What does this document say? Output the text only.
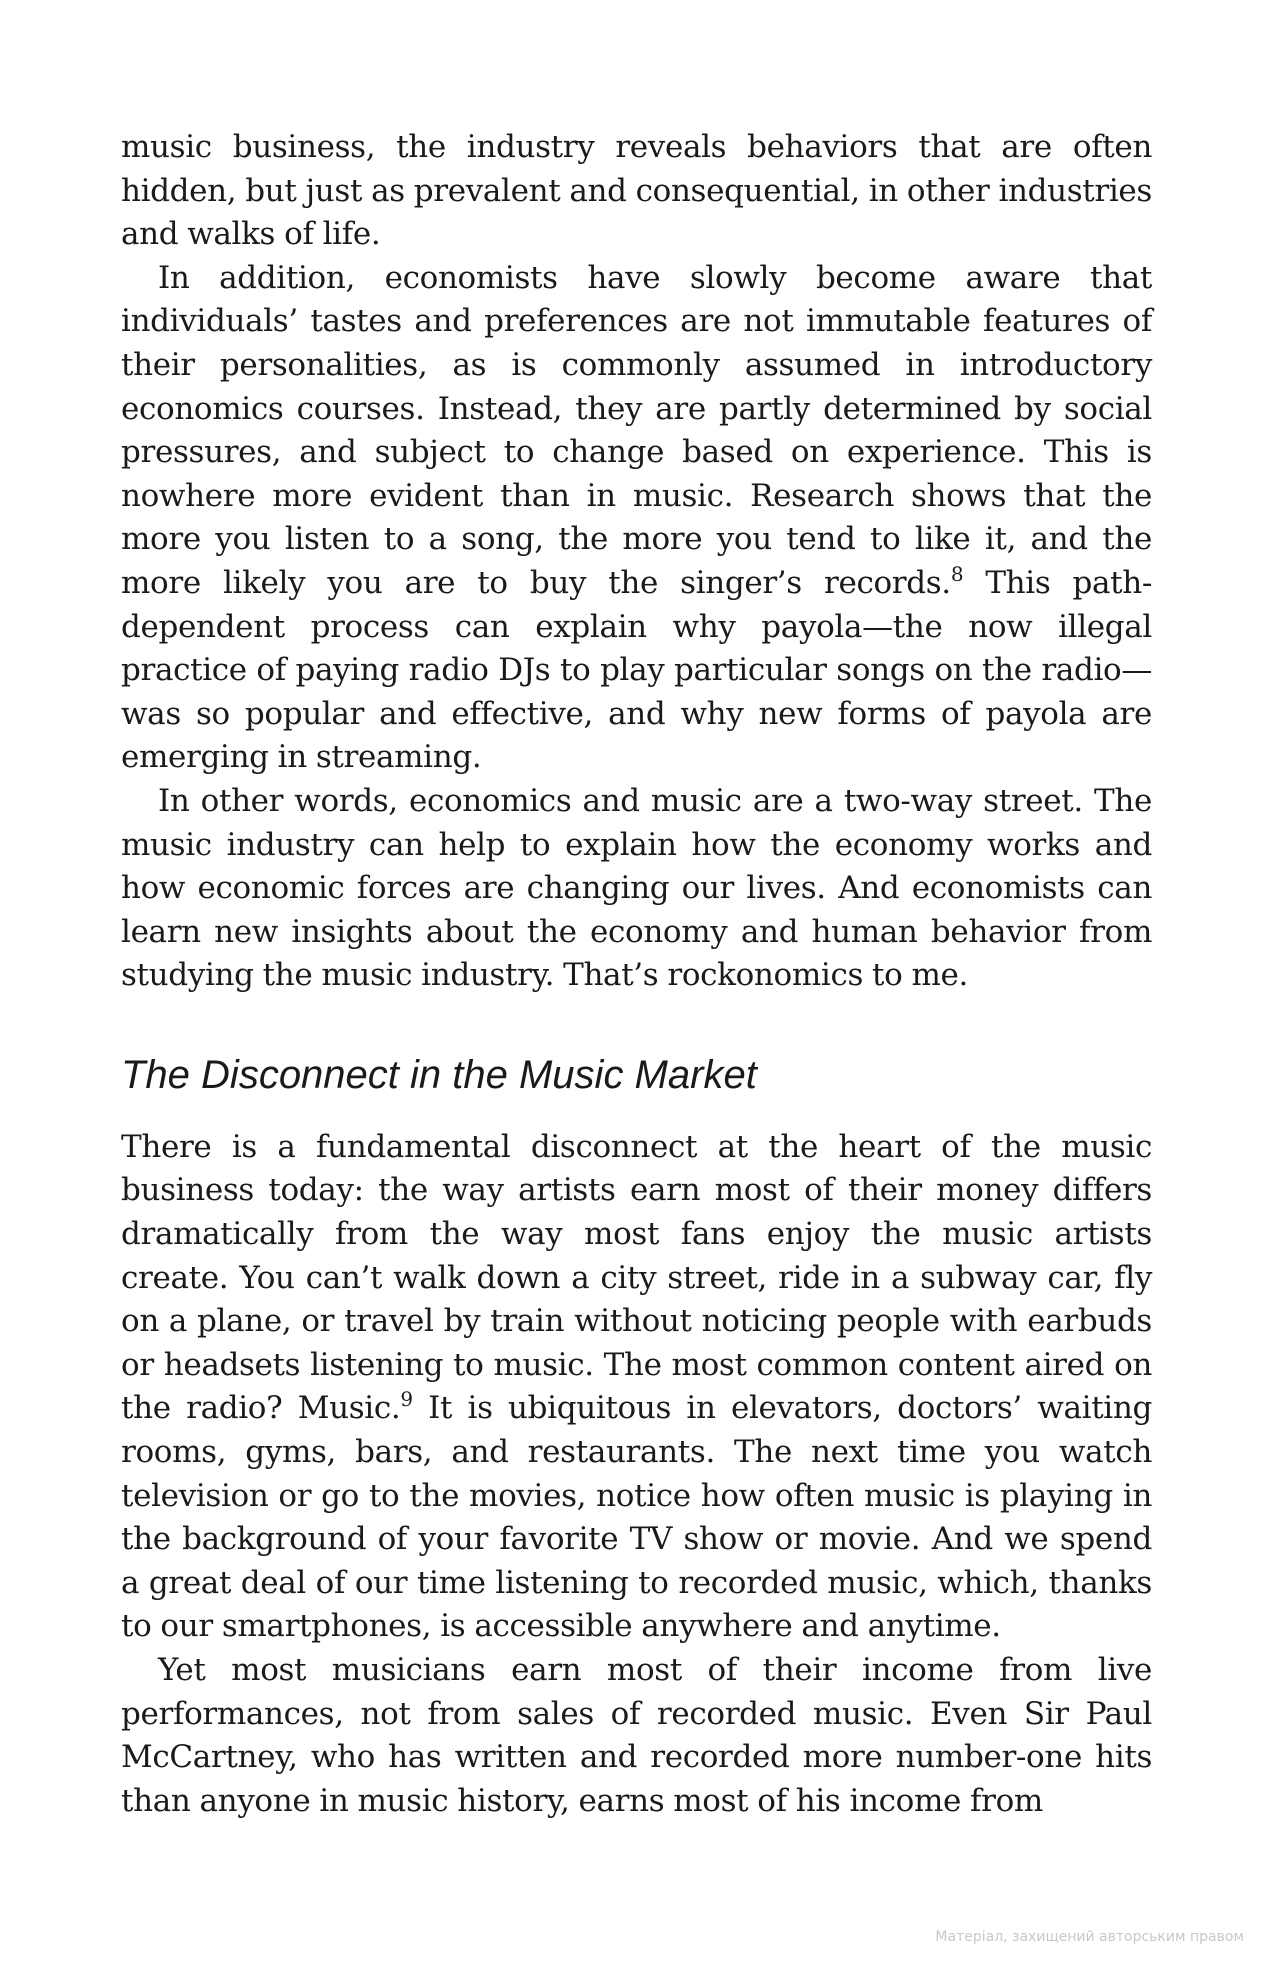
music business, the industry reveals behaviors that are often hidden, but just as prevalent and consequential, in other industries and walks of life.

In addition, economists have slowly become aware that individuals’ tastes and preferences are not immutable features of their personalities, as is commonly assumed in introductory economics courses. Instead, they are partly determined by social pressures, and subject to change based on experience. This is nowhere more evident than in music. Research shows that the more you listen to a song, the more you tend to like it, and the more likely you are to buy the singer’s records.$^8$ This path-dependent process can explain why payola—the now illegal practice of paying radio DJs to play particular songs on the radio—was so popular and effective, and why new forms of payola are emerging in streaming.

In other words, economics and music are a two-way street. The music industry can help to explain how the economy works and how economic forces are changing our lives. And economists can learn new insights about the economy and human behavior from studying the music industry. That’s rockonomics to me.

The Disconnect in the Music Market

There is a fundamental disconnect at the heart of the music business today: the way artists earn most of their money differs dramatically from the way most fans enjoy the music artists create. You can’t walk down a city street, ride in a subway car, fly on a plane, or travel by train without noticing people with earbuds or headsets listening to music. The most common content aired on the radio? Music.$^9$ It is ubiquitous in elevators, doctors’ waiting rooms, gyms, bars, and restaurants. The next time you watch television or go to the movies, notice how often music is playing in the background of your favorite TV show or movie. And we spend a great deal of our time listening to recorded music, which, thanks to our smartphones, is accessible anywhere and anytime.

Yet most musicians earn most of their income from live performances, not from sales of recorded music. Even Sir Paul McCartney, who has written and recorded more number-one hits than anyone in music history, earns most of his income from

Матеріал, захищений авторським правом
